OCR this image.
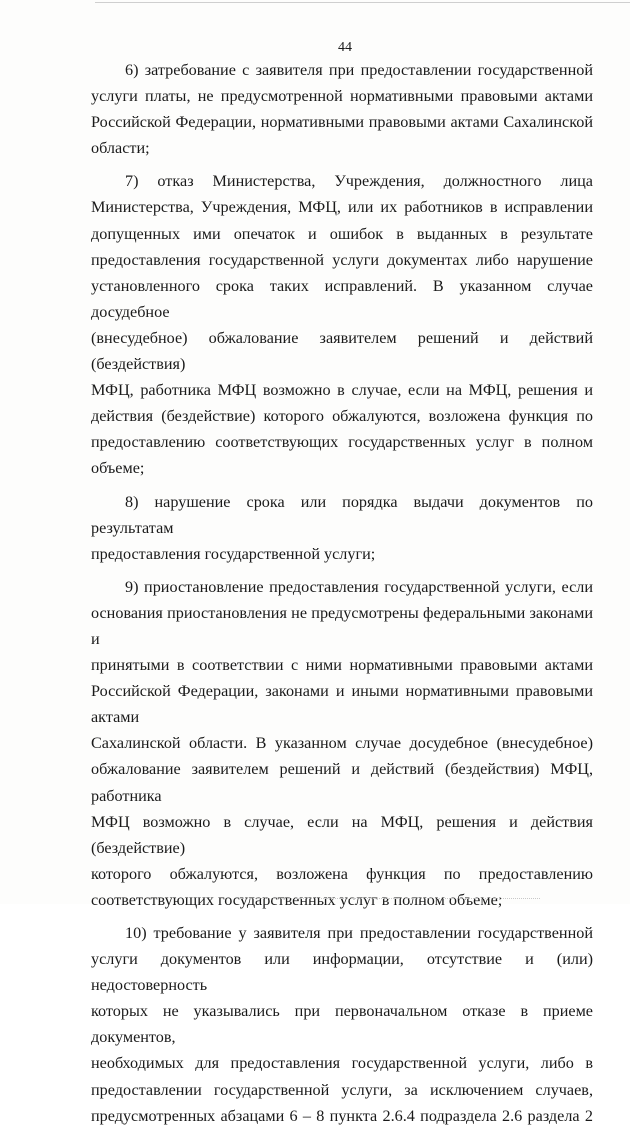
44
6) затребование с заявителя при предоставлении государственной
услуги платы, не предусмотренной нормативными правовыми актами
Российской Федерации, нормативными правовыми актами Сахалинской
области;
7) отказ Министерства, Учреждения, должностного лица
Министерства, Учреждения, МФЦ, или их работников в исправлении
допущенных ими опечаток и ошибок в выданных в результате
предоставления государственной услуги документах либо нарушение
установленного срока таких исправлений. В указанном случае досудебное
(внесудебное) обжалование заявителем решений и действий (бездействия)
МФЦ, работника МФЦ возможно в случае, если на МФЦ, решения и
действия (бездействие) которого обжалуются, возложена функция по
предоставлению соответствующих государственных услуг в полном объеме;
8) нарушение срока или порядка выдачи документов по результатам
предоставления государственной услуги;
9) приостановление предоставления государственной услуги, если
основания приостановления не предусмотрены федеральными законами и
принятыми в соответствии с ними нормативными правовыми актами
Российской Федерации, законами и иными нормативными правовыми актами
Сахалинской области. В указанном случае досудебное (внесудебное)
обжалование заявителем решений и действий (бездействия) МФЦ, работника
МФЦ возможно в случае, если на МФЦ, решения и действия (бездействие)
которого обжалуются, возложена функция по предоставлению
соответствующих государственных услуг в полном объеме;
10) требование у заявителя при предоставлении государственной
услуги документов или информации, отсутствие и (или) недостоверность
которых не указывались при первоначальном отказе в приеме документов,
необходимых для предоставления государственной услуги, либо в
предоставлении государственной услуги, за исключением случаев,
предусмотренных абзацами 6 – 8 пункта 2.6.4 подраздела 2.6 раздела 2
